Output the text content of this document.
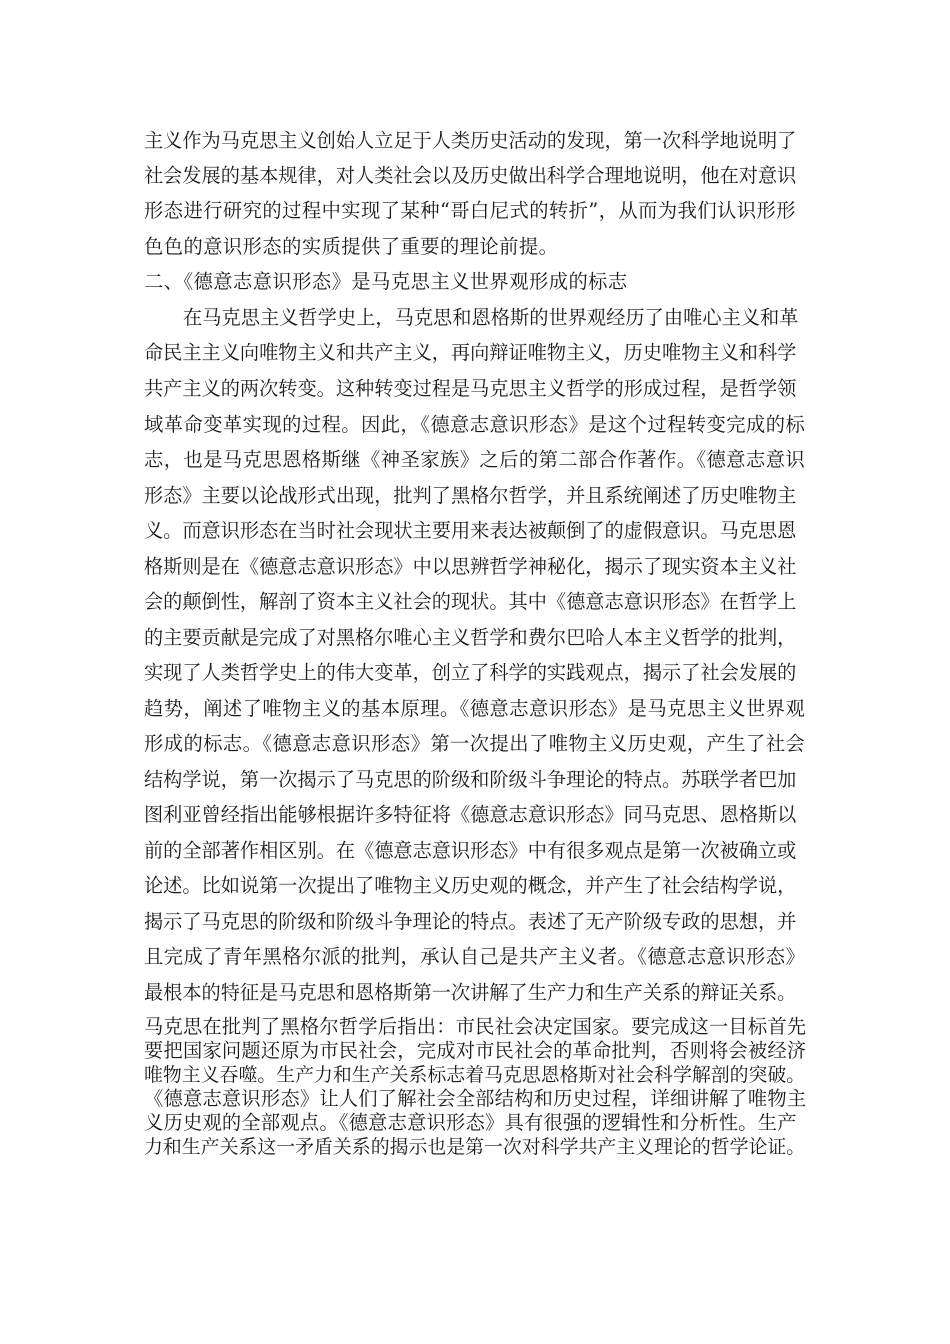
主义作为马克思主义创始人立足于人类历史活动的发现，第一次科学地说明了
社会发展的基本规律，对人类社会以及历史做出科学合理地说明，他在对意识
形态进行研究的过程中实现了某种“哥白尼式的转折”，从而为我们认识形形
色色的意识形态的实质提供了重要的理论前提。
二、《德意志意识形态》是马克思主义世界观形成的标志
在马克思主义哲学史上，马克思和恩格斯的世界观经历了由唯心主义和革
命民主主义向唯物主义和共产主义，再向辩证唯物主义，历史唯物主义和科学
共产主义的两次转变。这种转变过程是马克思主义哲学的形成过程，是哲学领
域革命变革实现的过程。因此，《德意志意识形态》是这个过程转变完成的标
志，也是马克思恩格斯继《神圣家族》之后的第二部合作著作。《德意志意识
形态》主要以论战形式出现，批判了黑格尔哲学，并且系统阐述了历史唯物主
义。而意识形态在当时社会现状主要用来表达被颠倒了的虚假意识。马克思恩
格斯则是在《德意志意识形态》中以思辨哲学神秘化，揭示了现实资本主义社
会的颠倒性，解剖了资本主义社会的现状。其中《德意志意识形态》在哲学上
的主要贡献是完成了对黑格尔唯心主义哲学和费尔巴哈人本主义哲学的批判，
实现了人类哲学史上的伟大变革，创立了科学的实践观点，揭示了社会发展的
趋势，阐述了唯物主义的基本原理。《德意志意识形态》是马克思主义世界观
形成的标志。《德意志意识形态》第一次提出了唯物主义历史观，产生了社会
结构学说，第一次揭示了马克思的阶级和阶级斗争理论的特点。苏联学者巴加
图利亚曾经指出能够根据许多特征将《德意志意识形态》同马克思、恩格斯以
前的全部著作相区别。在《德意志意识形态》中有很多观点是第一次被确立或
论述。比如说第一次提出了唯物主义历史观的概念，并产生了社会结构学说，
揭示了马克思的阶级和阶级斗争理论的特点。表述了无产阶级专政的思想，并
且完成了青年黑格尔派的批判，承认自己是共产主义者。《德意志意识形态》
最根本的特征是马克思和恩格斯第一次讲解了生产力和生产关系的辩证关系。
马克思在批判了黑格尔哲学后指出：市民社会决定国家。要完成这一目标首先
要把国家问题还原为市民社会，完成对市民社会的革命批判，否则将会被经济
唯物主义吞噬。生产力和生产关系标志着马克思恩格斯对社会科学解剖的突破。
《德意志意识形态》让人们了解社会全部结构和历史过程，详细讲解了唯物主
义历史观的全部观点。《德意志意识形态》具有很强的逻辑性和分析性。生产
力和生产关系这一矛盾关系的揭示也是第一次对科学共产主义理论的哲学论证。
